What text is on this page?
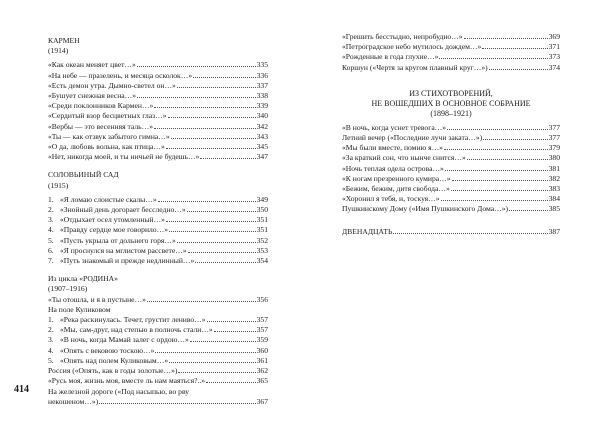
КАРМЕН
(1914)
«Как океан меняет цвет…»	335
«На небе — празелень, и месяца осколок…»	336
«Есть демон утра. Дымно-светел он…»	337
«Бушует снежная весна…»	338
«Среди поклонников Кармен…»	339
«Сердитый взор бесцветных глаз…»	340
«Вербы — это весенняя таль…»	342
«Ты — как отзвук забытого гимна…»	343
«О да, любовь вольна, как птица…»	345
«Нет, никогда моей, и ты ничьей не будешь…»	347
СОЛОВЬИНЫЙ САД
(1915)
1. «Я ломаю слоистые скалы…»	349
2. «Знойный день догорает бесследно…»	350
3. «Отдыхает осел утомленный…»	351
4. «Правду сердце мое говорило…»	351
5. «Пусть укрыла от дольнего горя…»	352
6. «Я проснулся на мглистом рассвете…»	353
7. «Путь знакомый и прежде недлинный…»	354
Из цикла «РОДИНА»
(1907–1916)
«Ты отошла, и я в пустыне…»	356
На поле Куликовом
1. «Река раскинулась. Течет, грустит лениво…»	357
2. «Мы, сам-друг, над степью в полночь стали…»	357
3. «В ночь, когда Мамай залег с ордою…»	359
4. «Опять с вековою тоскою…»	360
5. «Опять над полем Куликовым…»	361
Россия («Опять, как в годы золотые…»)	362
«Русь моя, жизнь моя, вместе ль нам маяться?..»	365
На железной дороге («Под насыпью, во рву
некошеном…»)	367
414
«Грешить бесстыдно, непробудно…»	369
«Петроградское небо мутилось дождем…»	371
«Рожденные в года глухие…»	373
Коршун («Чертя за кругом плавный круг…»)	374
ИЗ СТИХОТВОРЕНИЙ,
НЕ ВОШЕДШИХ В ОСНОВНОЕ СОБРАНИЕ
(1898–1921)
«В ночь, когда уснет тревога…»	377
Летний вечер («Последние лучи заката…»)	377
«Мы были вместе, помню я…»	379
«За краткий сон, что нынче снится…»	380
«Ночь теплая одела острова…»	381
«К ногам презренного кумира…»	382
«Бежим, бежим, дитя свобода…»	383
«Хоронил я тебя, и, тоскуя…»	384
Пушкинскому Дому («Имя Пушкинского Дома…»)	385
ДВЕНАДЦАТЬ	387
